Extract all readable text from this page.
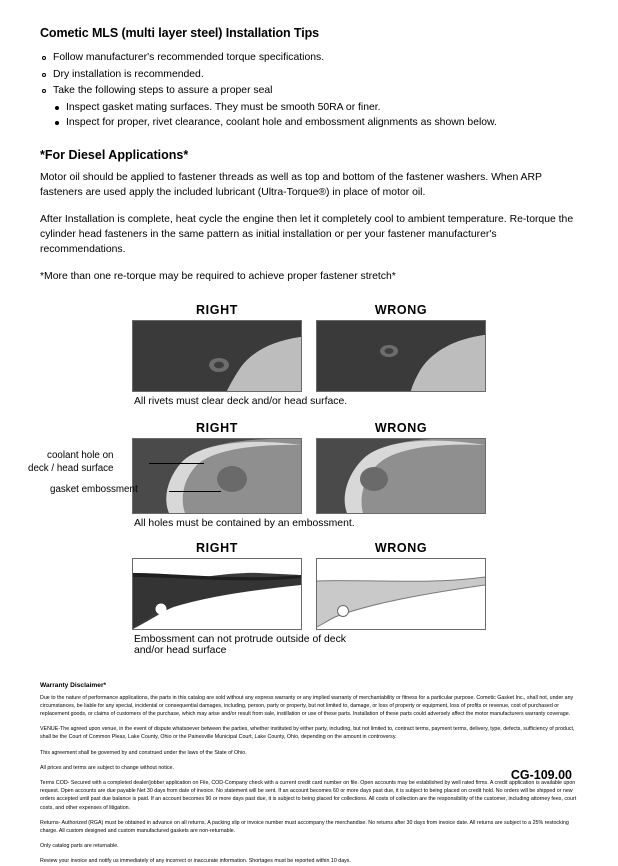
Cometic MLS (multi layer steel) Installation Tips
Follow manufacturer's recommended torque specifications.
Dry installation is recommended.
Take the following steps to assure a proper seal
Inspect gasket mating surfaces. They must be smooth 50RA or finer.
Inspect for proper, rivet clearance, coolant hole and embossment alignments as shown below.
*For Diesel Applications*

Motor oil should be applied to fastener threads as well as top and bottom of the fastener washers. When ARP fasteners are used apply the included lubricant (Ultra-Torque®) in place of motor oil.

After Installation is complete, heat cycle the engine then let it completely cool to ambient temperature. Re-torque the cylinder head fasteners in the same pattern as initial installation or per your fastener manufacturer's recommendations.

*More than one re-torque may be required to achieve proper fastener stretch*

RIGHT	WRONG

All rivets must clear deck and/or head surface.

RIGHT	WRONG
coolant hole on
deck / head surface
gasket embossment

All holes must be contained by an embossment.

RIGHT	WRONG

Embossment can not protrude outside of deck

and/or head surface

Warranty Disclaimer*

Due to the nature of performance applications, the parts in this catalog are sold without any express warranty or any implied warranty of merchantability or fitness for a particular purpose. Cometic Gasket Inc., shall not, under any circumstances, be liable for any special, incidental or consequential damages, including, person, party or property, but not limited to, damage, or loss of property or equipment, loss of profits or revenue, cost of purchased or replacement goods, or claims of customers of the purchase, which may arise and/or result from sale, instillation or use of these parts. Installation of these parts could adversely affect the motor manufacturers warranty coverage.

VENUE-The agreed upon venue, in the event of dispute whatsoever between the parties, whether instituted by either party, including, but not limited to, contract terms, payment terms, delivery, type, defects, sufficiency of product, shall be the Court of Common Pleas, Lake County, Ohio or the Painesville Municipal Court, Lake County, Ohio, depending on the amount in controversy.

This agreement shall be governed by and construed under the laws of the State of Ohio.

All prices and terms are subject to change without notice.

Terms COD- Secured with a completed dealer/jobber application on File, COD-Company check with a current credit card number on file. Open accounts may be established by well rated firms. A credit application is available upon request. Open accounts are due payable Net 30 days from date of invoice. No statement will be sent. If an account becomes 60 or more days past due, it is subject to being placed on credit hold. No orders will be shipped or new orders accepted until past due balance is paid. If an account becomes 90 or more days past due, it is subject to being placed for collections. All costs of collection are the responsibility of the customer, including attorney fees, court costs, and other expenses of litigation.

Returns- Authorized (RGA) must be obtained in advance on all returns. A packing slip or invoice number must accompany the merchandise. No returns after 30 days from invoice date. All returns are subject to a 25% restocking charge. All custom designed and custom manufactured gaskets are non-returnable.

Only catalog parts are returnable.

Review your invoice and notify us immediately of any incorrect or inaccurate information. Shortages must be reported within 10 days.

CG-109.00
